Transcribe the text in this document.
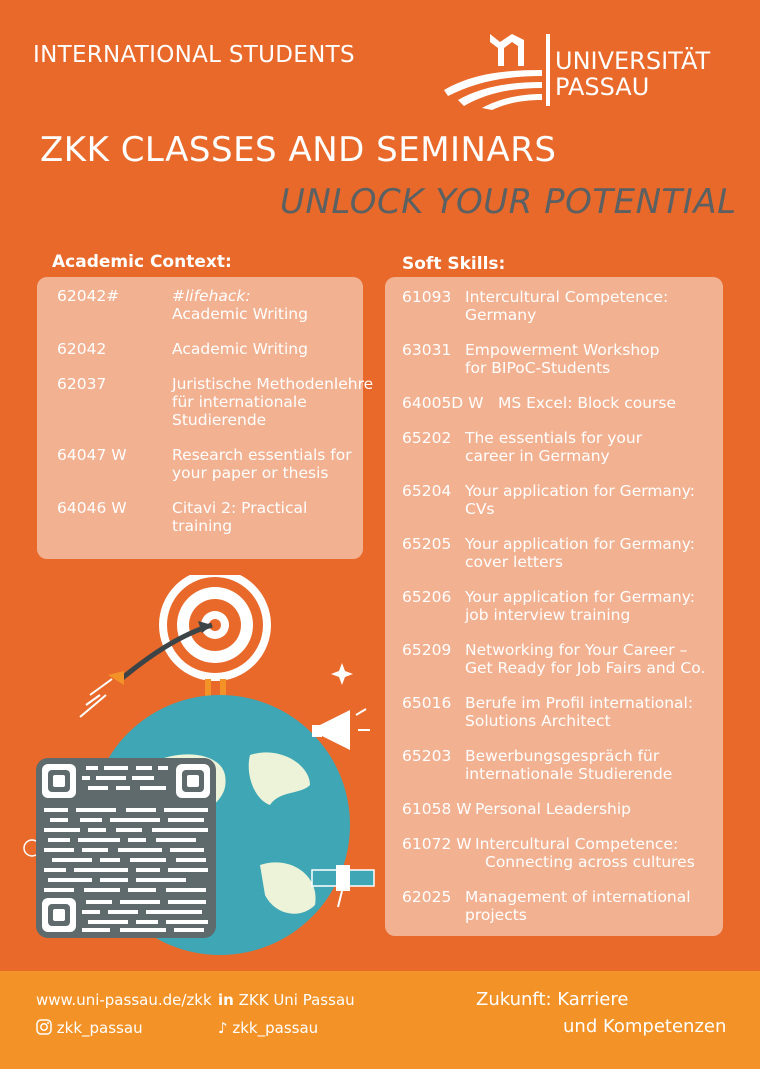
INTERNATIONAL STUDENTS	UNIVERSITÄT
PASSAU
ZKK CLASSES AND SEMINARS
UNLOCK YOUR POTENTIAL
Academic Context:
62042#	#lifehack:
Academic Writing
62042	Academic Writing
62037	Juristische Methodenlehre
für internationale
Studierende
64047 W	Research essentials for
your paper or thesis
64046 W	Citavi 2: Practical
training
Soft Skills:
61093 Intercultural Competence:
Germany
63031 Empowerment Workshop
for BIPoC-Students
64005D W MS Excel: Block course
65202 The essentials for your
career in Germany
65204 Your application for Germany:
CVs
65205 Your application for Germany:
cover letters
65206 Your application for Germany:
job interview training
65209 Networking for Your Career –
Get Ready for Job Fairs and Co.
65016 Berufe im Profil international:
Solutions Architect
65203 Bewerbungsgespräch für
internationale Studierende
61058 W Personal Leadership
61072 W Intercultural Competence:
Connecting across cultures
62025 Management of international
projects
www.uni-passau.de/zkk in ZKK Uni Passau
zkk_passau	♪ zkk_passau
Zukunft: Karriere
und Kompetenzen
